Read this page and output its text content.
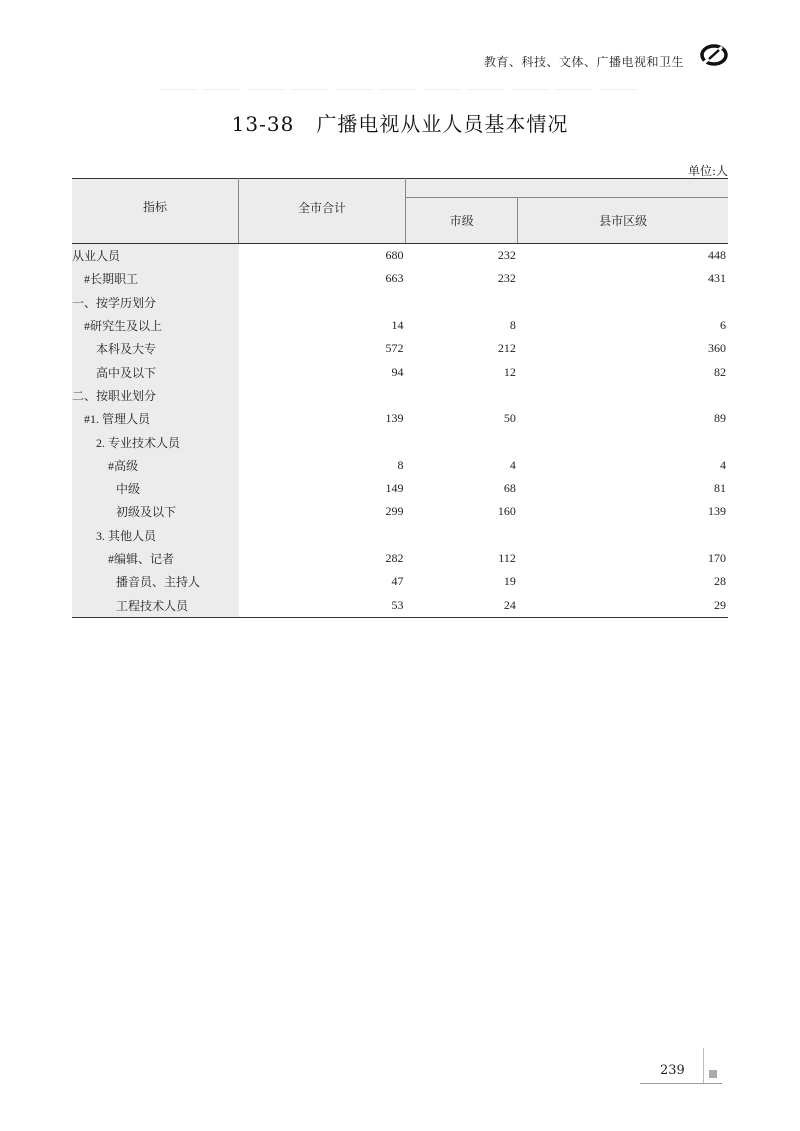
教育、科技、文体、广播电视和卫生
13-38 广播电视从业人员基本情况
单位:人
指标	全市合计		
		市级	县市区级
从业人员	680	232	448
#长期职工	663	232	431
一、按学历划分			
#研究生及以上	14	8	6
本科及大专	572	212	360
高中及以下	94	12	82
二、按职业划分			
#1. 管理人员	139	50	89
2. 专业技术人员			
#高级	8	4	4
中级	149	68	81
初级及以下	299	160	139
3. 其他人员			
#编辑、记者	282	112	170
播音员、主持人	47	19	28
工程技术人员	53	24	29
239
